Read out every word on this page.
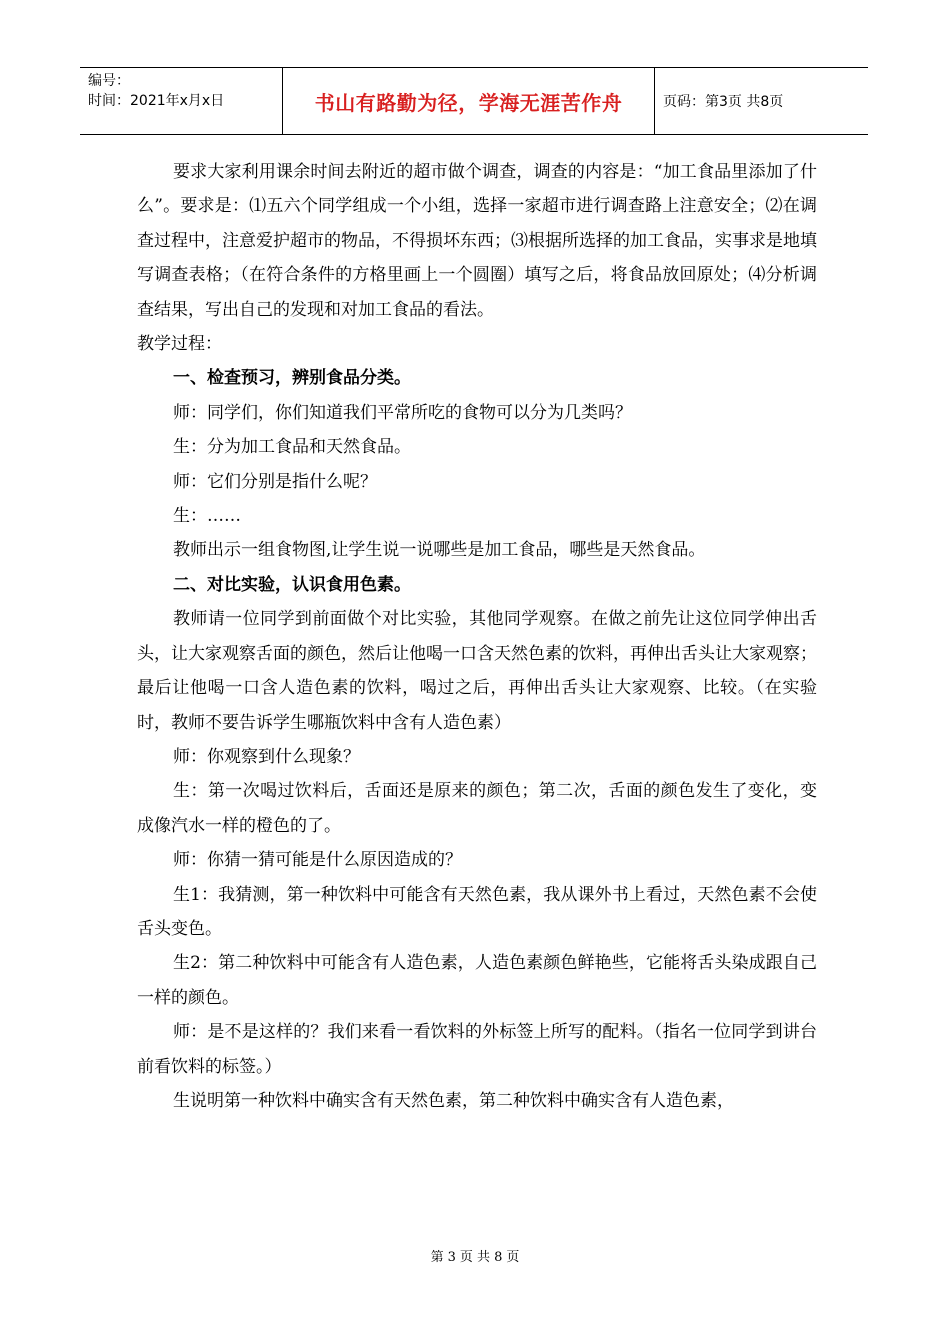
编号：
时间：2021年x月x日	书山有路勤为径，学海无涯苦作舟	页码：第3页 共8页

要求大家利用课余时间去附近的超市做个调查，调查的内容是：“加工食品里添加了什么”。要求是：⑴五六个同学组成一个小组，选择一家超市进行调查路上注意安全；⑵在调查过程中，注意爱护超市的物品，不得损坏东西；⑶根据所选择的加工食品，实事求是地填写调查表格；（在符合条件的方格里画上一个圆圈）填写之后，将食品放回原处；⑷分析调查结果，写出自己的发现和对加工食品的看法。

教学过程：

一、检查预习，辨别食品分类。

师：同学们，你们知道我们平常所吃的食物可以分为几类吗？

生：分为加工食品和天然食品。

师：它们分别是指什么呢？

生：……

教师出示一组食物图,让学生说一说哪些是加工食品，哪些是天然食品。

二、对比实验，认识食用色素。

教师请一位同学到前面做个对比实验，其他同学观察。在做之前先让这位同学伸出舌头，让大家观察舌面的颜色，然后让他喝一口含天然色素的饮料，再伸出舌头让大家观察；最后让他喝一口含人造色素的饮料，喝过之后，再伸出舌头让大家观察、比较。（在实验时，教师不要告诉学生哪瓶饮料中含有人造色素）

师：你观察到什么现象？

生：第一次喝过饮料后，舌面还是原来的颜色；第二次，舌面的颜色发生了变化，变成像汽水一样的橙色的了。

师：你猜一猜可能是什么原因造成的？

生1：我猜测，第一种饮料中可能含有天然色素，我从课外书上看过，天然色素不会使舌头变色。

生2：第二种饮料中可能含有人造色素，人造色素颜色鲜艳些，它能将舌头染成跟自己一样的颜色。

师：是不是这样的？我们来看一看饮料的外标签上所写的配料。（指名一位同学到讲台前看饮料的标签。）

生说明第一种饮料中确实含有天然色素，第二种饮料中确实含有人造色素，

第 3 页 共 8 页
